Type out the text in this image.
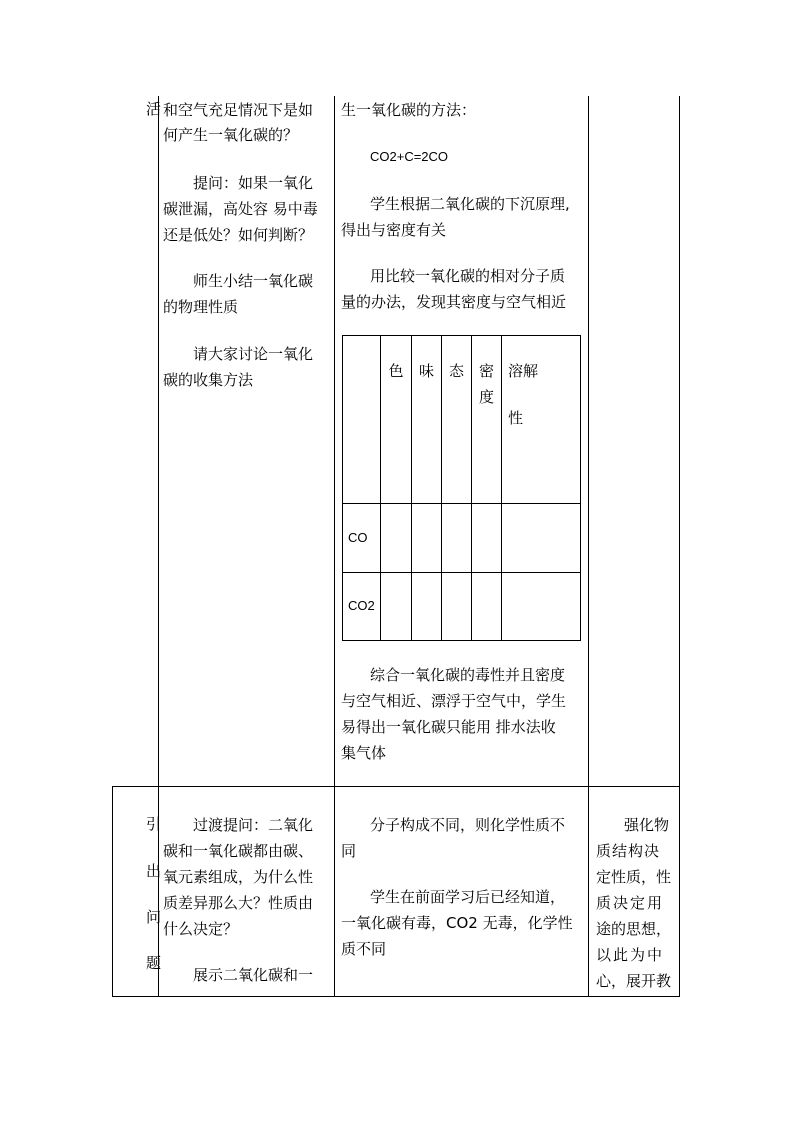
活 和空气充足情况下是如
何产生一氧化碳的？
提问：如果一氧化
碳泄漏，高处容 易中毒
还是低处？如何判断？
师生小结一氧化碳
的物理性质
请大家讨论一氧化
碳的收集方法
生一氧化碳的方法：
CO2+C=2CO
学生根据二氧化碳的下沉原理,
得出与密度有关
用比较一氧化碳的相对分子质
量的办法，发现其密度与空气相近
色	味 态 密
度
溶解
性
CO
CO2
综合一氧化碳的毒性并且密度
与空气相近、漂浮于空气中，学生
易得出一氧化碳只能用 排水法收
集气体
引
出
问
题
过渡提问：二氧化
碳和一氧化碳都由碳、
氧元素组成，为什么性
质差异那么大？性质由
什么决定？
展示二氧化碳和一
分子构成不同，则化学性质不
同
学生在前面学习后已经知道，
一氧化碳有毒，CO2 无毒，化学性
质不同
强化物
质结构决
定性质，性
质决定用
途的思想，
以此为中
心，展开教
